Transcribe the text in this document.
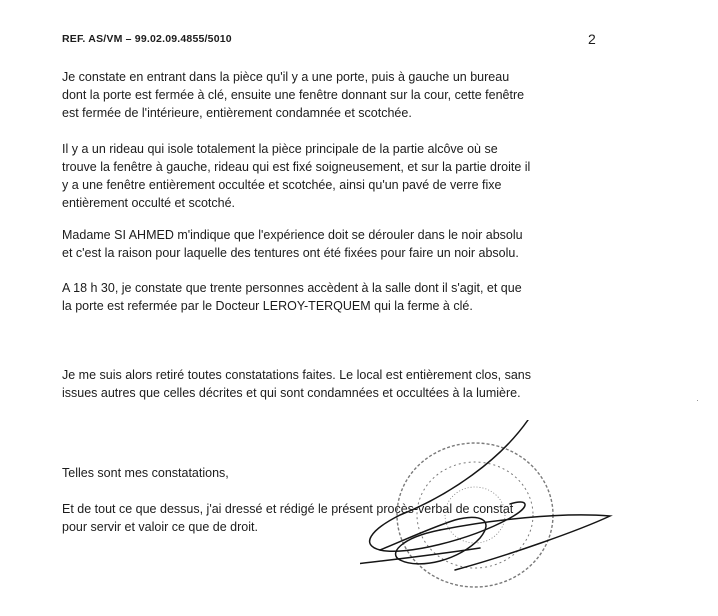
REF. AS/VM – 99.02.09.4855/5010	2

Je constate en entrant dans la pièce qu'il y a une porte, puis à gauche un bureau
dont la porte est fermée à clé, ensuite une fenêtre donnant sur la cour, cette fenêtre
est fermée de l'intérieure, entièrement condamnée et scotchée.

Il y a un rideau qui isole totalement la pièce principale de la partie alcôve où se
trouve la fenêtre à gauche, rideau qui est fixé soigneusement, et sur la partie droite il
y a une fenêtre entièrement occultée et scotchée, ainsi qu'un pavé de verre fixe
entièrement occulté et scotché.

Madame SI AHMED m'indique que l'expérience doit se dérouler dans le noir absolu
et c'est la raison pour laquelle des tentures ont été fixées pour faire un noir absolu.

A 18 h 30, je constate que trente personnes accèdent à la salle dont il s'agit, et que
la porte est refermée par le Docteur LEROY-TERQUEM qui la ferme à clé.

Je me suis alors retiré toutes constatations faites. Le local est entièrement clos, sans
issues autres que celles décrites et qui sont condamnées et occultées à la lumière.

Telles sont mes constatations,

Et de tout ce que dessus, j'ai dressé et rédigé le présent procès-verbal de constat
pour servir et valoir ce que de droit.

·
